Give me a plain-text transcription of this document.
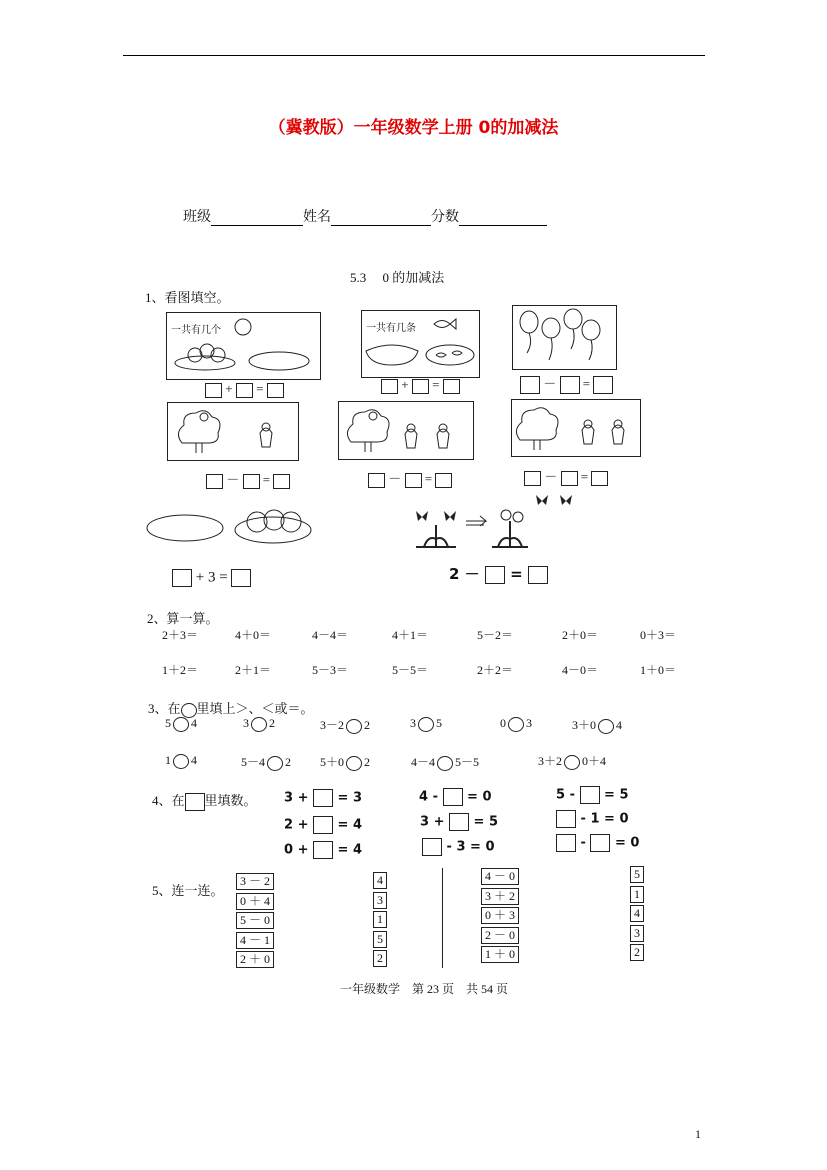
（冀教版）一年级数学上册 0的加减法
班级	姓名	分数
5.3　 0 的加减法
1、看图填空。
一共有几个
+ =
一共有几条
+ =	－ =
－ =	－ =	－ =
+ 3 =	2 － =
2、算一算。
2＋3＝	4＋0＝	4－4＝	4＋1＝	5－2＝	2＋0＝	0＋3＝
1＋2＝	2＋1＝	5－3＝	5－5＝	2＋2＝	4－0＝	1＋0＝
3、在 里填上＞、＜或＝。
5 4	3 2	3－2 2	3 5	0 3	3＋0 4
1 4	5－4 2 5＋0 2	4－4 5－5	3＋2 0＋4
4、在 里填数。 3 + = 3	4 - = 0	5 - = 5
2 + = 4	3 + = 5	- 1 = 0
0 + = 4	- 3 = 0	- = 0
5、连一连。
3 － 2
0 ＋ 4
5 － 0
4 － 1
2 ＋ 0
4
3
1
5
2
4 － 0
3 ＋ 2
0 ＋ 3
2 － 0
1 ＋ 0
5
1
4
3
2
一年级数学　第 23 页　共 54 页
1
